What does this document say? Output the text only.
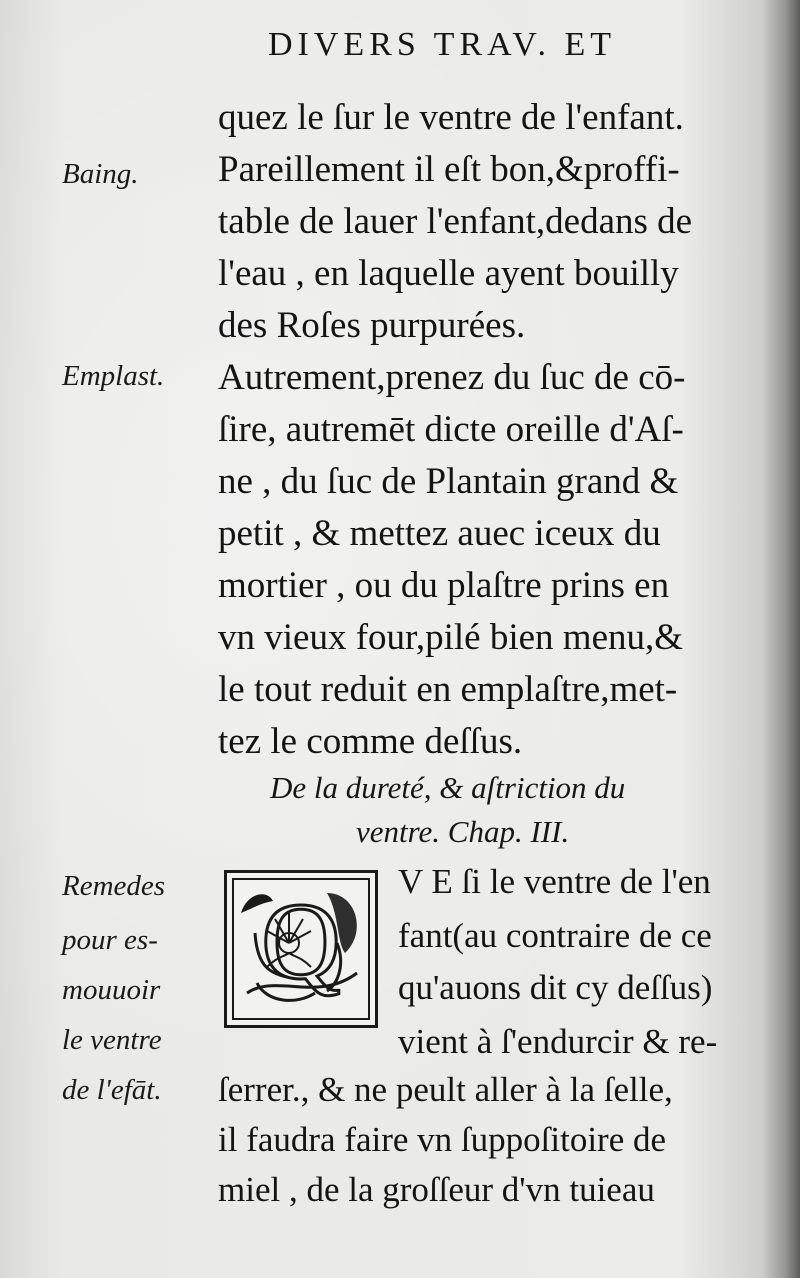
DIVERS TRAV. ET
quez le ſur le ventre de l'enfant.
Pareillement il eſt bon,&proffi-
table de lauer l'enfant,dedans de
l'eau , en laquelle ayent bouilly
des Roſes purpurées.
Autrement,prenez du ſuc de cō-
ſire, autremēt dicte oreille d'Aſ-
ne , du ſuc de Plantain grand &
petit , & mettez auec iceux du
mortier , ou du plaſtre prins en
vn vieux four,pilé bien menu,&
le tout reduit en emplaſtre,met-
tez le comme deſſus.
Baing.
Emplast.
Remedes
pour es-
mouuoir
le ventre
de l'efāt.
De la dureté, & aſtriction du
ventre. Chap. III.
Q V E ſi le ventre de l'en
fant(au contraire de ce
qu'auons dit cy deſſus)
vient à ſ'endurcir & re-
ſerrer., & ne peult aller à la ſelle,
il faudra faire vn ſuppoſitoire de
miel , de la groſſeur d'vn tuieau
